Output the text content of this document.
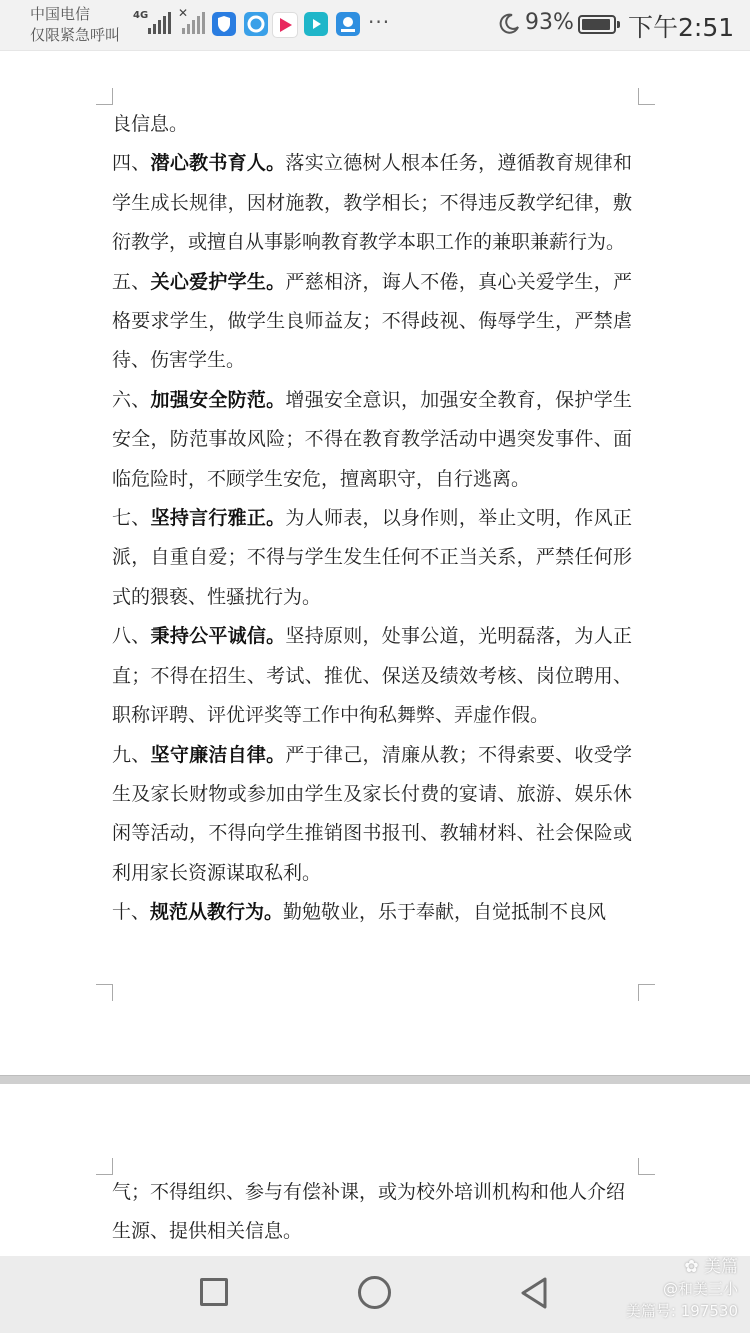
中国电信
仅限紧急呼叫
4G ✕	···	93% 下午2:51

良信息。

四、潜心教书育人。落实立德树人根本任务，遵循教育规律和学生成长规律，因材施教，教学相长；不得违反教学纪律，敷衍教学，或擅自从事影响教育教学本职工作的兼职兼薪行为。

五、关心爱护学生。严慈相济，诲人不倦，真心关爱学生，严格要求学生，做学生良师益友；不得歧视、侮辱学生，严禁虐待、伤害学生。

六、加强安全防范。增强安全意识，加强安全教育，保护学生安全，防范事故风险；不得在教育教学活动中遇突发事件、面临危险时，不顾学生安危，擅离职守，自行逃离。

七、坚持言行雅正。为人师表，以身作则，举止文明，作风正派，自重自爱；不得与学生发生任何不正当关系，严禁任何形式的猥亵、性骚扰行为。

八、秉持公平诚信。坚持原则，处事公道，光明磊落，为人正直；不得在招生、考试、推优、保送及绩效考核、岗位聘用、职称评聘、评优评奖等工作中徇私舞弊、弄虚作假。

九、坚守廉洁自律。严于律己，清廉从教；不得索要、收受学生及家长财物或参加由学生及家长付费的宴请、旅游、娱乐休闲等活动，不得向学生推销图书报刊、教辅材料、社会保险或利用家长资源谋取私利。

十、规范从教行为。勤勉敬业，乐于奉献，自觉抵制不良风

气；不得组织、参与有偿补课，或为校外培训机构和他人介绍生源、提供相关信息。

✿ 美篇
@和美三小
美篇号: 197530
